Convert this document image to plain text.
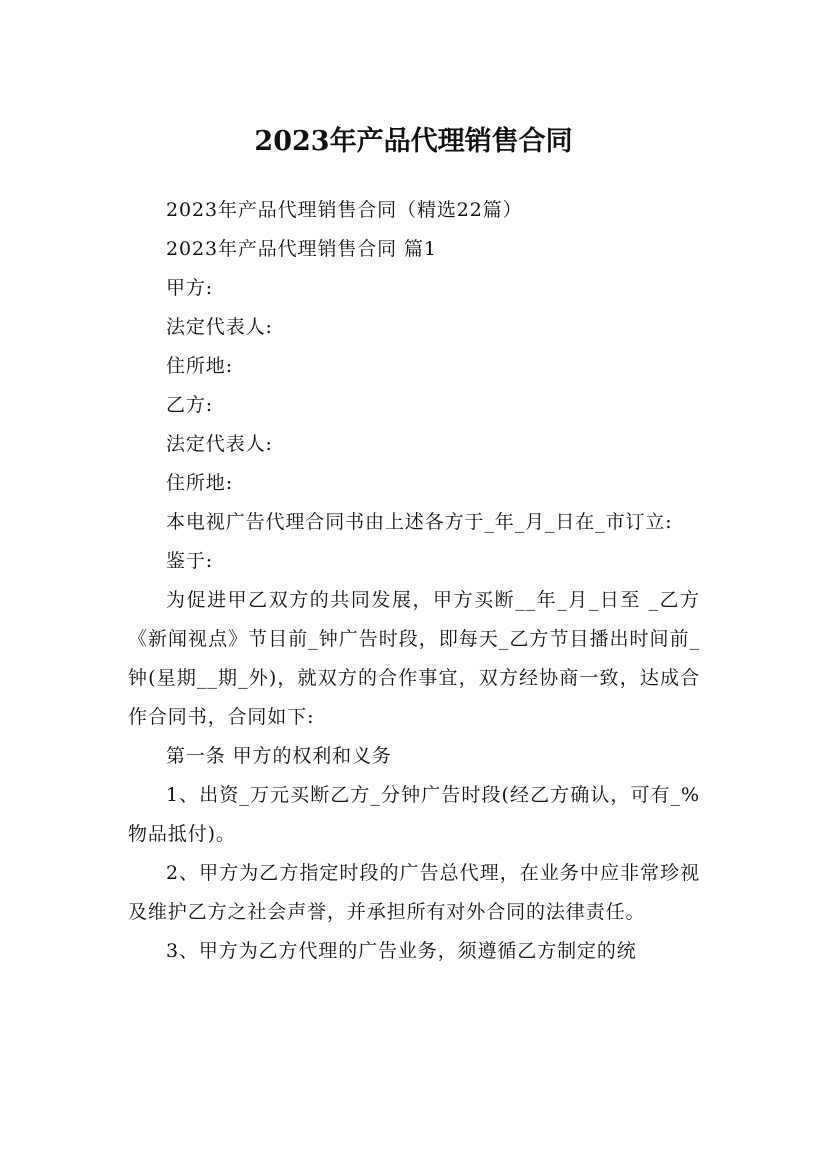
2023年产品代理销售合同

2023年产品代理销售合同（精选22篇）

2023年产品代理销售合同 篇1

甲方:

法定代表人:

住所地:

乙方:

法定代表人:

住所地:

本电视广告代理合同书由上述各方于_年_月_日在_市订立:

鉴于:

为促进甲乙双方的共同发展，甲方买断__年_月_日至 _乙方《新闻视点》节目前_钟广告时段，即每天_乙方节目播出时间前_钟(星期__期_外)，就双方的合作事宜，双方经协商一致，达成合作合同书，合同如下:

第一条 甲方的权利和义务

1、出资_万元买断乙方_分钟广告时段(经乙方确认，可有_%物品抵付)。

2、甲方为乙方指定时段的广告总代理，在业务中应非常珍视及维护乙方之社会声誉，并承担所有对外合同的法律责任。

3、甲方为乙方代理的广告业务，须遵循乙方制定的统
